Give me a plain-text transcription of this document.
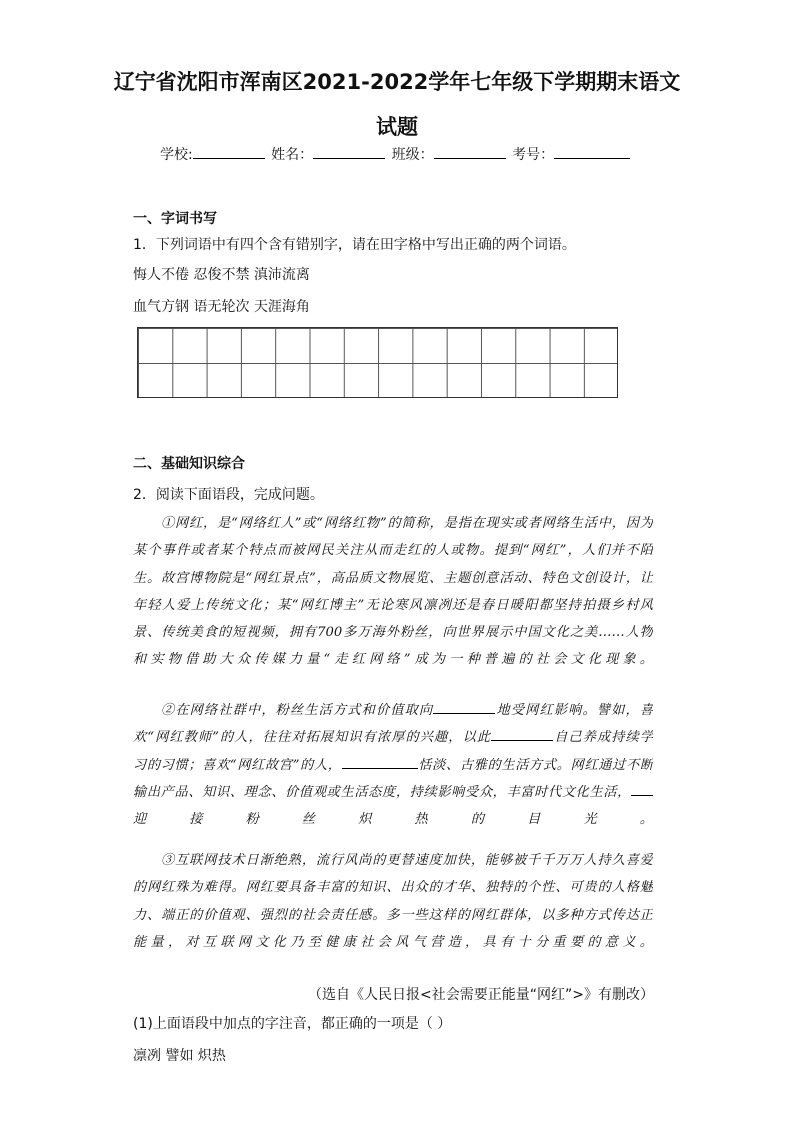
辽宁省沈阳市浑南区2021-2022学年七年级下学期期末语文
试题
学校:	姓名：	班级：	考号：
一、字词书写
1．下列词语中有四个含有错别字，请在田字格中写出正确的两个词语。
悔人不倦 忍俊不禁 滇沛流离
血气方钢 语无轮次 天涯海角
二、基础知识综合
2．阅读下面语段，完成问题。
①网红，是“网络红人”或“网络红物”的简称，是指在现实或者网络生活中，因为
某个事件或者某个特点而被网民关注从而走红的人或物。提到“网红”，人们并不陌
生。故宫博物院是“网红景点”，高品质文物展览、主题创意活动、特色文创设计，让
年轻人爱上传统文化；某“网红博主”无论寒风凛冽还是春日暖阳都坚持拍摄乡村风
景、传统美食的短视频，拥有700多万海外粉丝，向世界展示中国文化之美……人物
和实物借助大众传媒力量“走红网络”成为一种普遍的社会文化现象。
②在网络社群中，粉丝生活方式和价值取向	地受网红影响。譬如，喜
欢“网红教师”的人，往往对拓展知识有浓厚的兴趣，以此	自己养成持续学
习的习惯；喜欢“网红故宫”的人，	恬淡、古雅的生活方式。网红通过不断
输出产品、知识、理念、价值观或生活态度，持续影响受众，丰富时代文化生活，
迎接粉丝炽热的目光。
③互联网技术日渐绝熟，流行风尚的更替速度加快，能够被千千万万人持久喜爱
的网红殊为难得。网红要具备丰富的知识、出众的才华、独特的个性、可贵的人格魅
力、端正的价值观、强烈的社会责任感。多一些这样的网红群体，以多种方式传达正
能量，对互联网文化乃至健康社会风气营造，具有十分重要的意义。
（选自《人民日报<社会需要正能量“网红”>》有删改）
(1)上面语段中加点的字注音，都正确的一项是（ ）
凛冽 譬如 炽热
